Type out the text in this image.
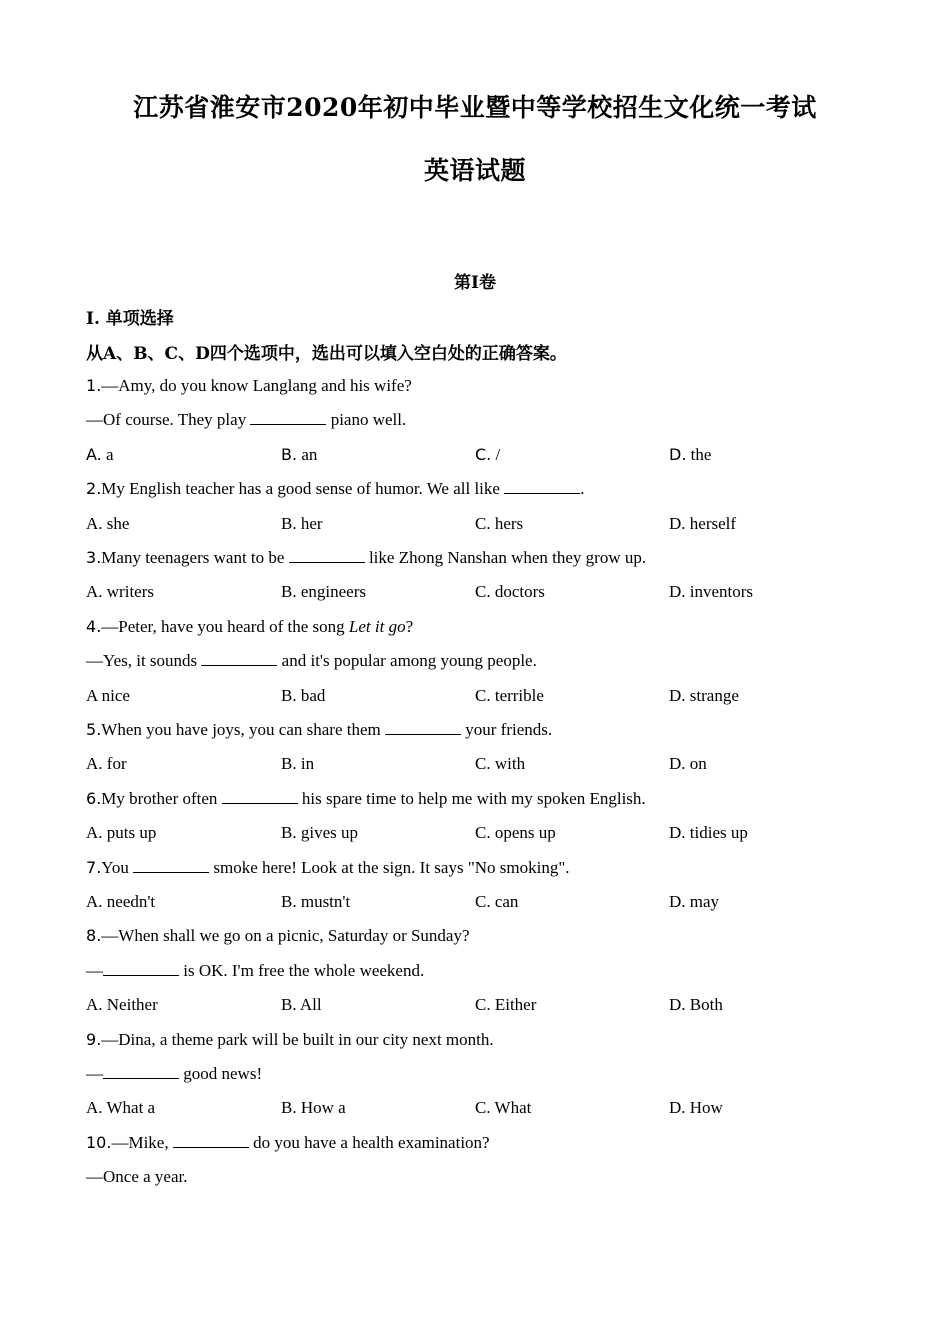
江苏省淮安市2020年初中毕业暨中等学校招生文化统一考试
英语试题
第I卷
I. 单项选择
从A、B、C、D四个选项中，选出可以填入空白处的正确答案。
1.—Amy, do you know Langlang and his wife?
—Of course. They play	piano well.
A. a	B. an	C. /	D. the
2.My English teacher has a good sense of humor. We all like	.
A. she	B. her	C. hers	D. herself
3.Many teenagers want to be	like Zhong Nanshan when they grow up.
A. writers	B. engineers	C. doctors	D. inventors
4.—Peter, have you heard of the song Let it go?
—Yes, it sounds	and it's popular among young people.
A nice	B. bad	C. terrible	D. strange
5.When you have joys, you can share them	your friends.
A. for	B. in	C. with	D. on
6.My brother often	his spare time to help me with my spoken English.
A. puts up	B. gives up	C. opens up	D. tidies up
7.You	smoke here! Look at the sign. It says "No smoking".
A. needn't	B. mustn't	C. can	D. may
8.—When shall we go on a picnic, Saturday or Sunday?
—	is OK. I'm free the whole weekend.
A. Neither	B. All	C. Either	D. Both
9.—Dina, a theme park will be built in our city next month.
—	good news!
A. What a	B. How a	C. What	D. How
10.—Mike,	do you have a health examination?
—Once a year.
